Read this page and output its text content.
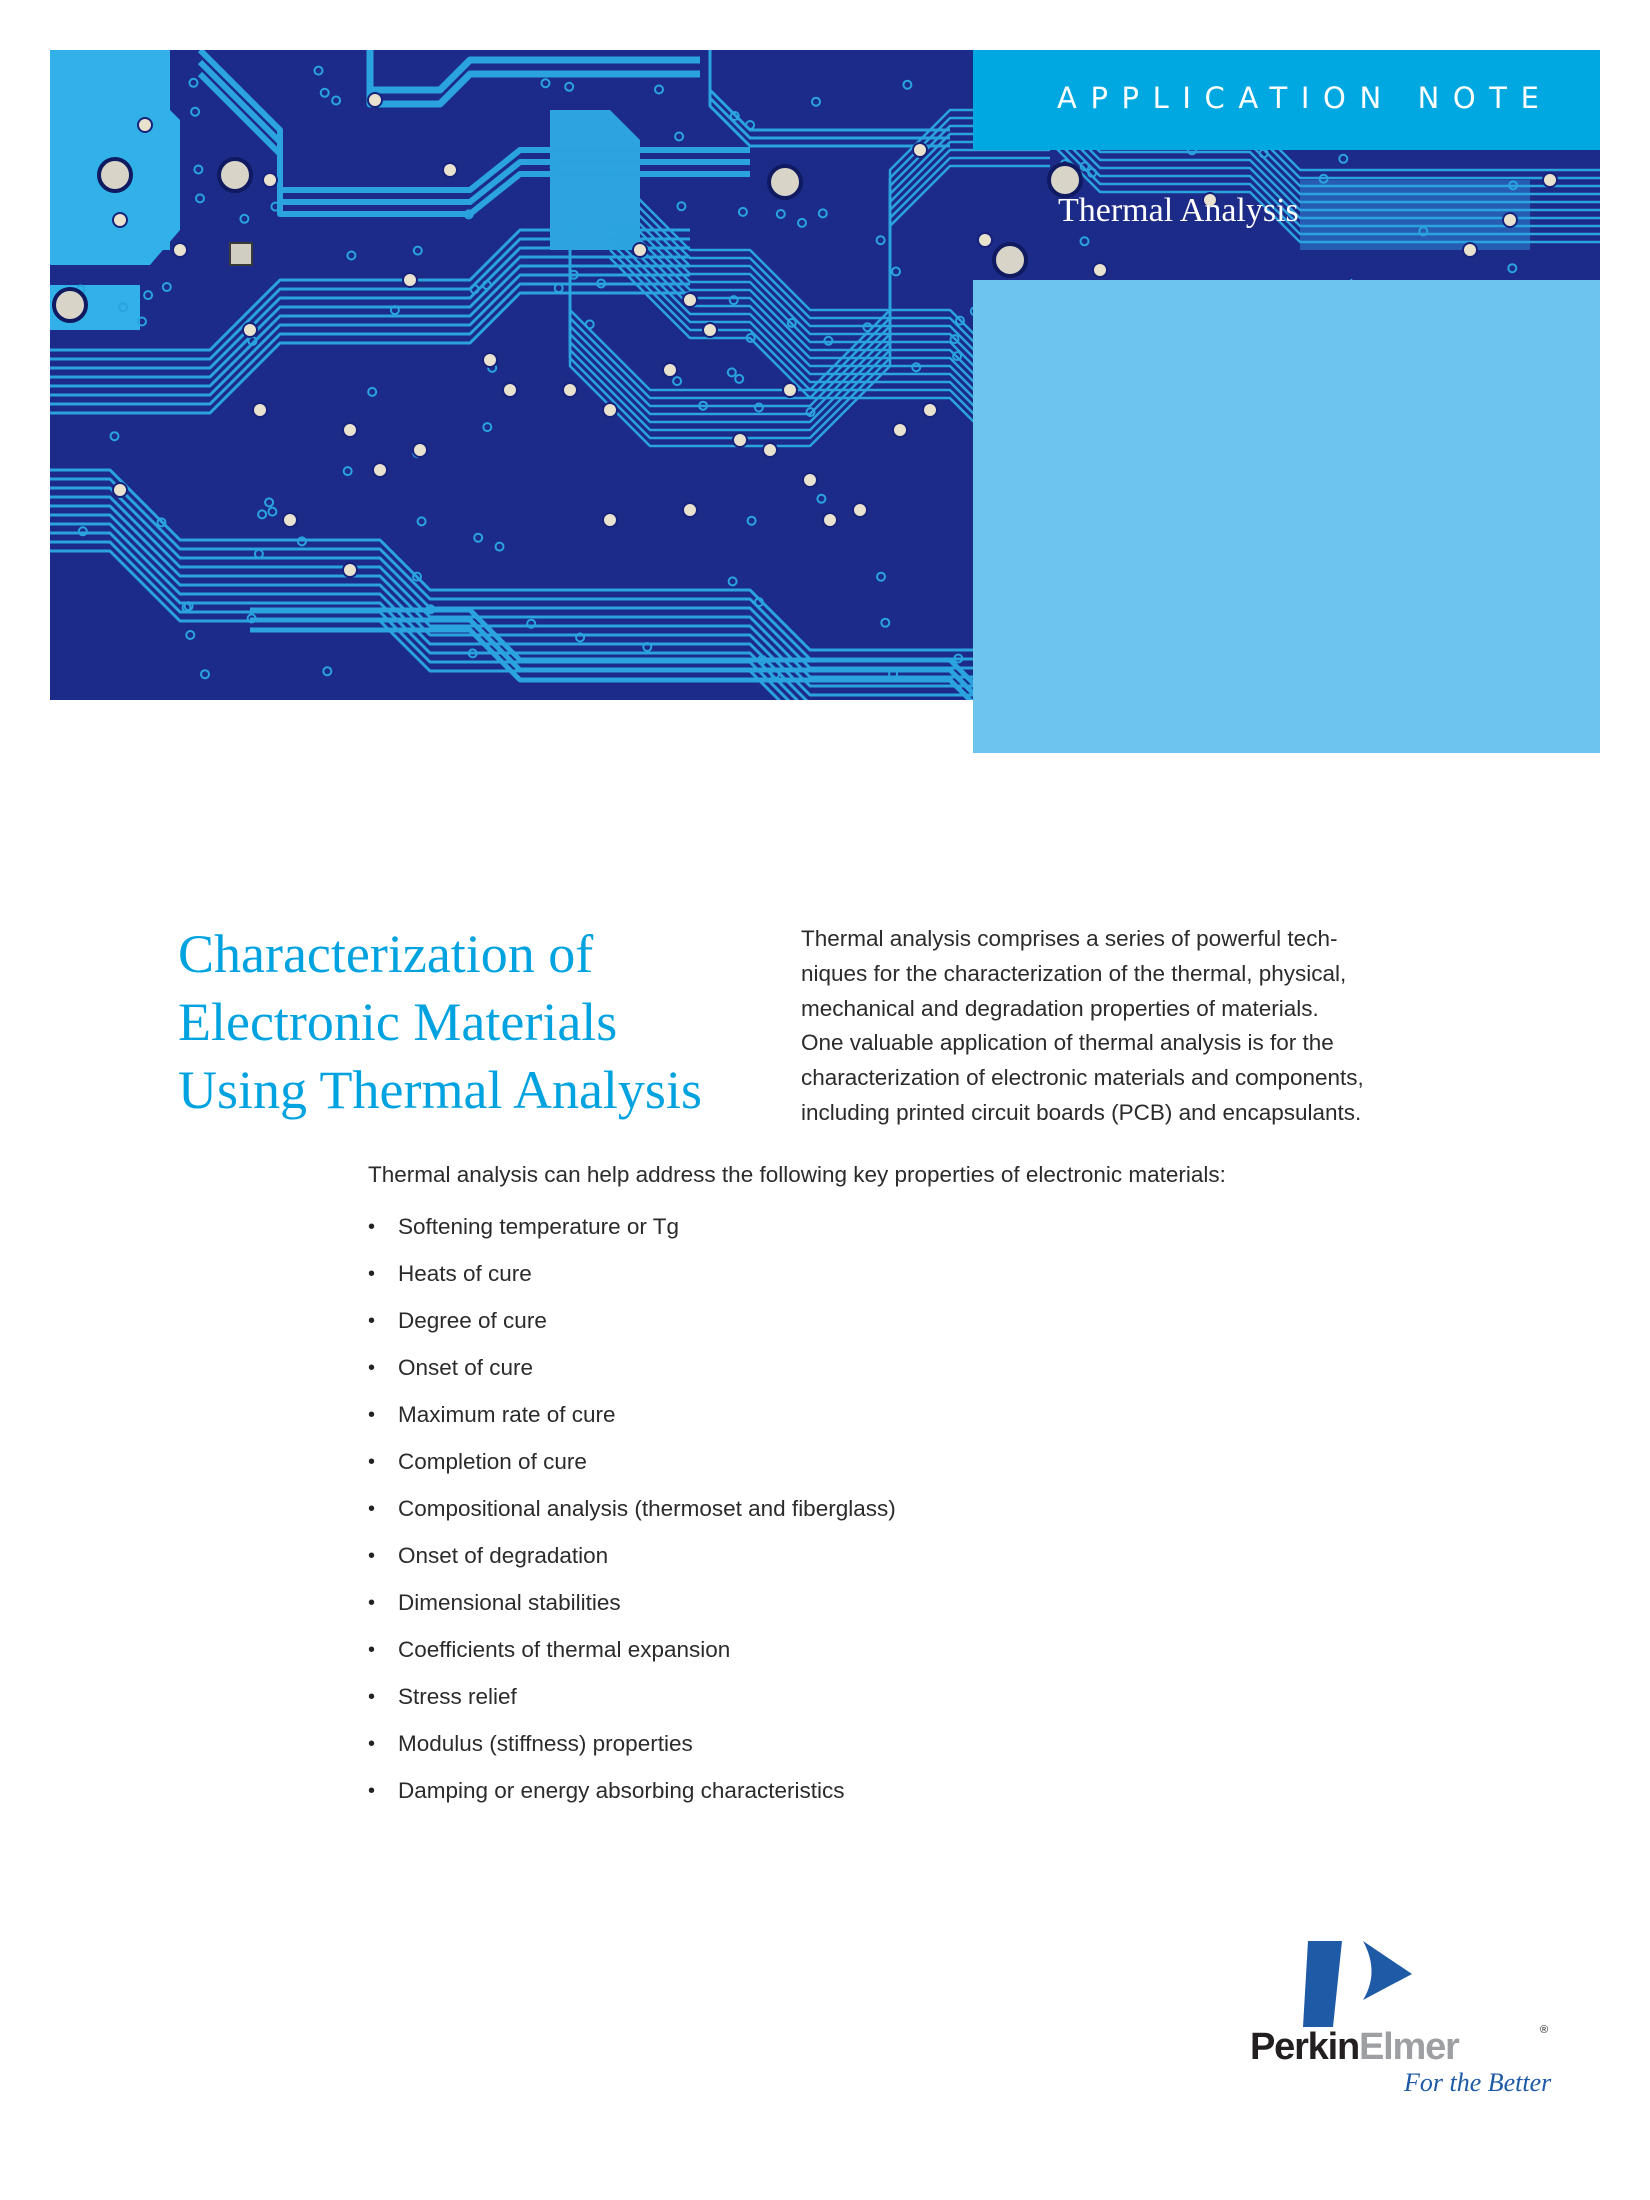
APPLICATION NOTE
Thermal Analysis
Characterization of
Electronic Materials
Using Thermal Analysis

Thermal analysis comprises a series of powerful tech-
niques for the characterization of the thermal, physical,
mechanical and degradation properties of materials.
One valuable application of thermal analysis is for the
characterization of electronic materials and components,
including printed circuit boards (PCB) and encapsulants.

Thermal analysis can help address the following key properties of electronic materials:

•	Softening temperature or Tg
•	Heats of cure
•	Degree of cure
•	Onset of cure
•	Maximum rate of cure
•	Completion of cure
•	Compositional analysis (thermoset and fiberglass)
•	Onset of degradation
•	Dimensional stabilities
•	Coefficients of thermal expansion
•	Stress relief
•	Modulus (stiffness) properties
•	Damping or energy absorbing characteristics
PerkinElmer	®
For the Better
